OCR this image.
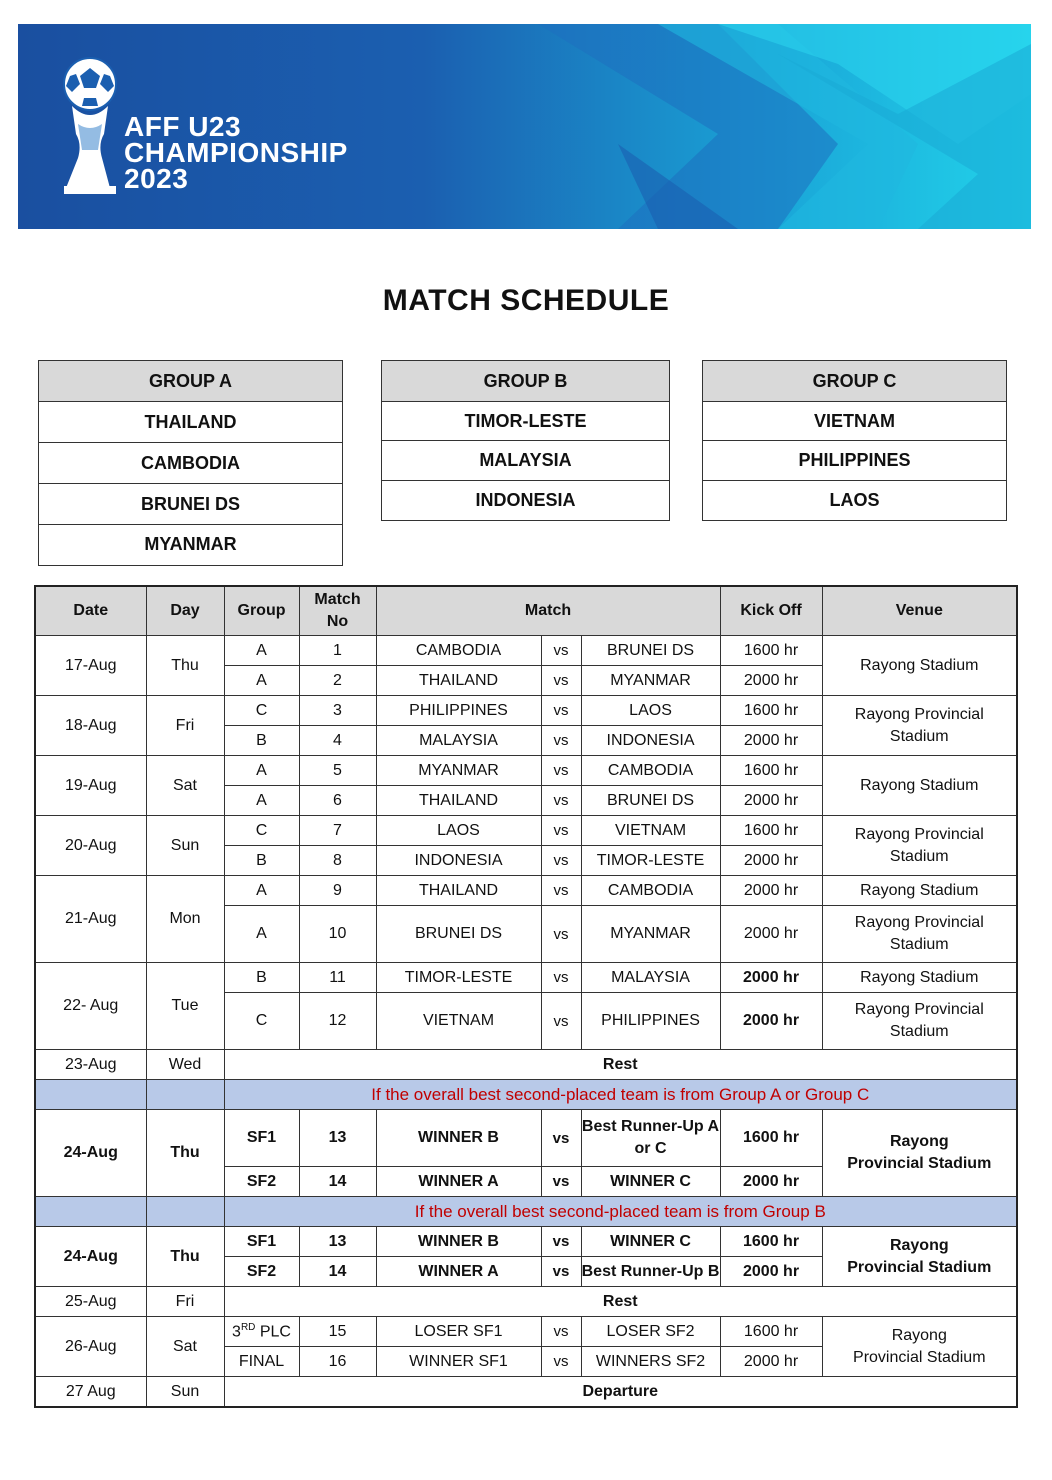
AFF U23
CHAMPIONSHIP
2023
MATCH SCHEDULE
GROUP A
THAILAND
CAMBODIA
BRUNEI DS
MYANMAR
GROUP B
TIMOR-LESTE
MALAYSIA
INDONESIA
GROUP C
VIETNAM
PHILIPPINES
LAOS
Date	Day	Group	Match
No	Match			Kick Off	Venue
17-Aug	Thu	A	1	CAMBODIA	vs	BRUNEI DS	1600 hr	Rayong Stadium
		A	2	THAILAND	vs	MYANMAR	2000 hr	
18-Aug	Fri	C	3	PHILIPPINES	vs	LAOS	1600 hr	Rayong Provincial
Stadium
		B	4	MALAYSIA	vs	INDONESIA	2000 hr	
19-Aug	Sat	A	5	MYANMAR	vs	CAMBODIA	1600 hr	Rayong Stadium
		A	6	THAILAND	vs	BRUNEI DS	2000 hr	
20-Aug	Sun	C	7	LAOS	vs	VIETNAM	1600 hr	Rayong Provincial
Stadium
		B	8	INDONESIA	vs	TIMOR-LESTE	2000 hr	
21-Aug	Mon	A	9	THAILAND	vs	CAMBODIA	2000 hr	Rayong Stadium
		A	10	BRUNEI DS	vs	MYANMAR	2000 hr	Rayong Provincial
Stadium
22- Aug	Tue	B	11	TIMOR-LESTE	vs	MALAYSIA	2000 hr	Rayong Stadium
		C	12	VIETNAM	vs	PHILIPPINES	2000 hr	Rayong Provincial
Stadium
23-Aug	Wed	Rest						
		If the overall best second-placed team is from Group A or Group C						
24-Aug	Thu	SF1	13	WINNER B	vs	Best Runner-Up A
or C	1600 hr	Rayong
Provincial Stadium
		SF2	14	WINNER A	vs	WINNER C	2000 hr	
		If the overall best second-placed team is from Group B						
24-Aug	Thu	SF1	13	WINNER B	vs	WINNER C	1600 hr	Rayong
Provincial Stadium
		SF2	14	WINNER A	vs	Best Runner-Up B	2000 hr	
25-Aug	Fri	Rest						
26-Aug	Sat	3RD PLC	15	LOSER SF1	vs	LOSER SF2	1600 hr	Rayong
Provincial Stadium
		FINAL	16	WINNER SF1	vs	WINNERS SF2	2000 hr	
27 Aug	Sun	Departure						
